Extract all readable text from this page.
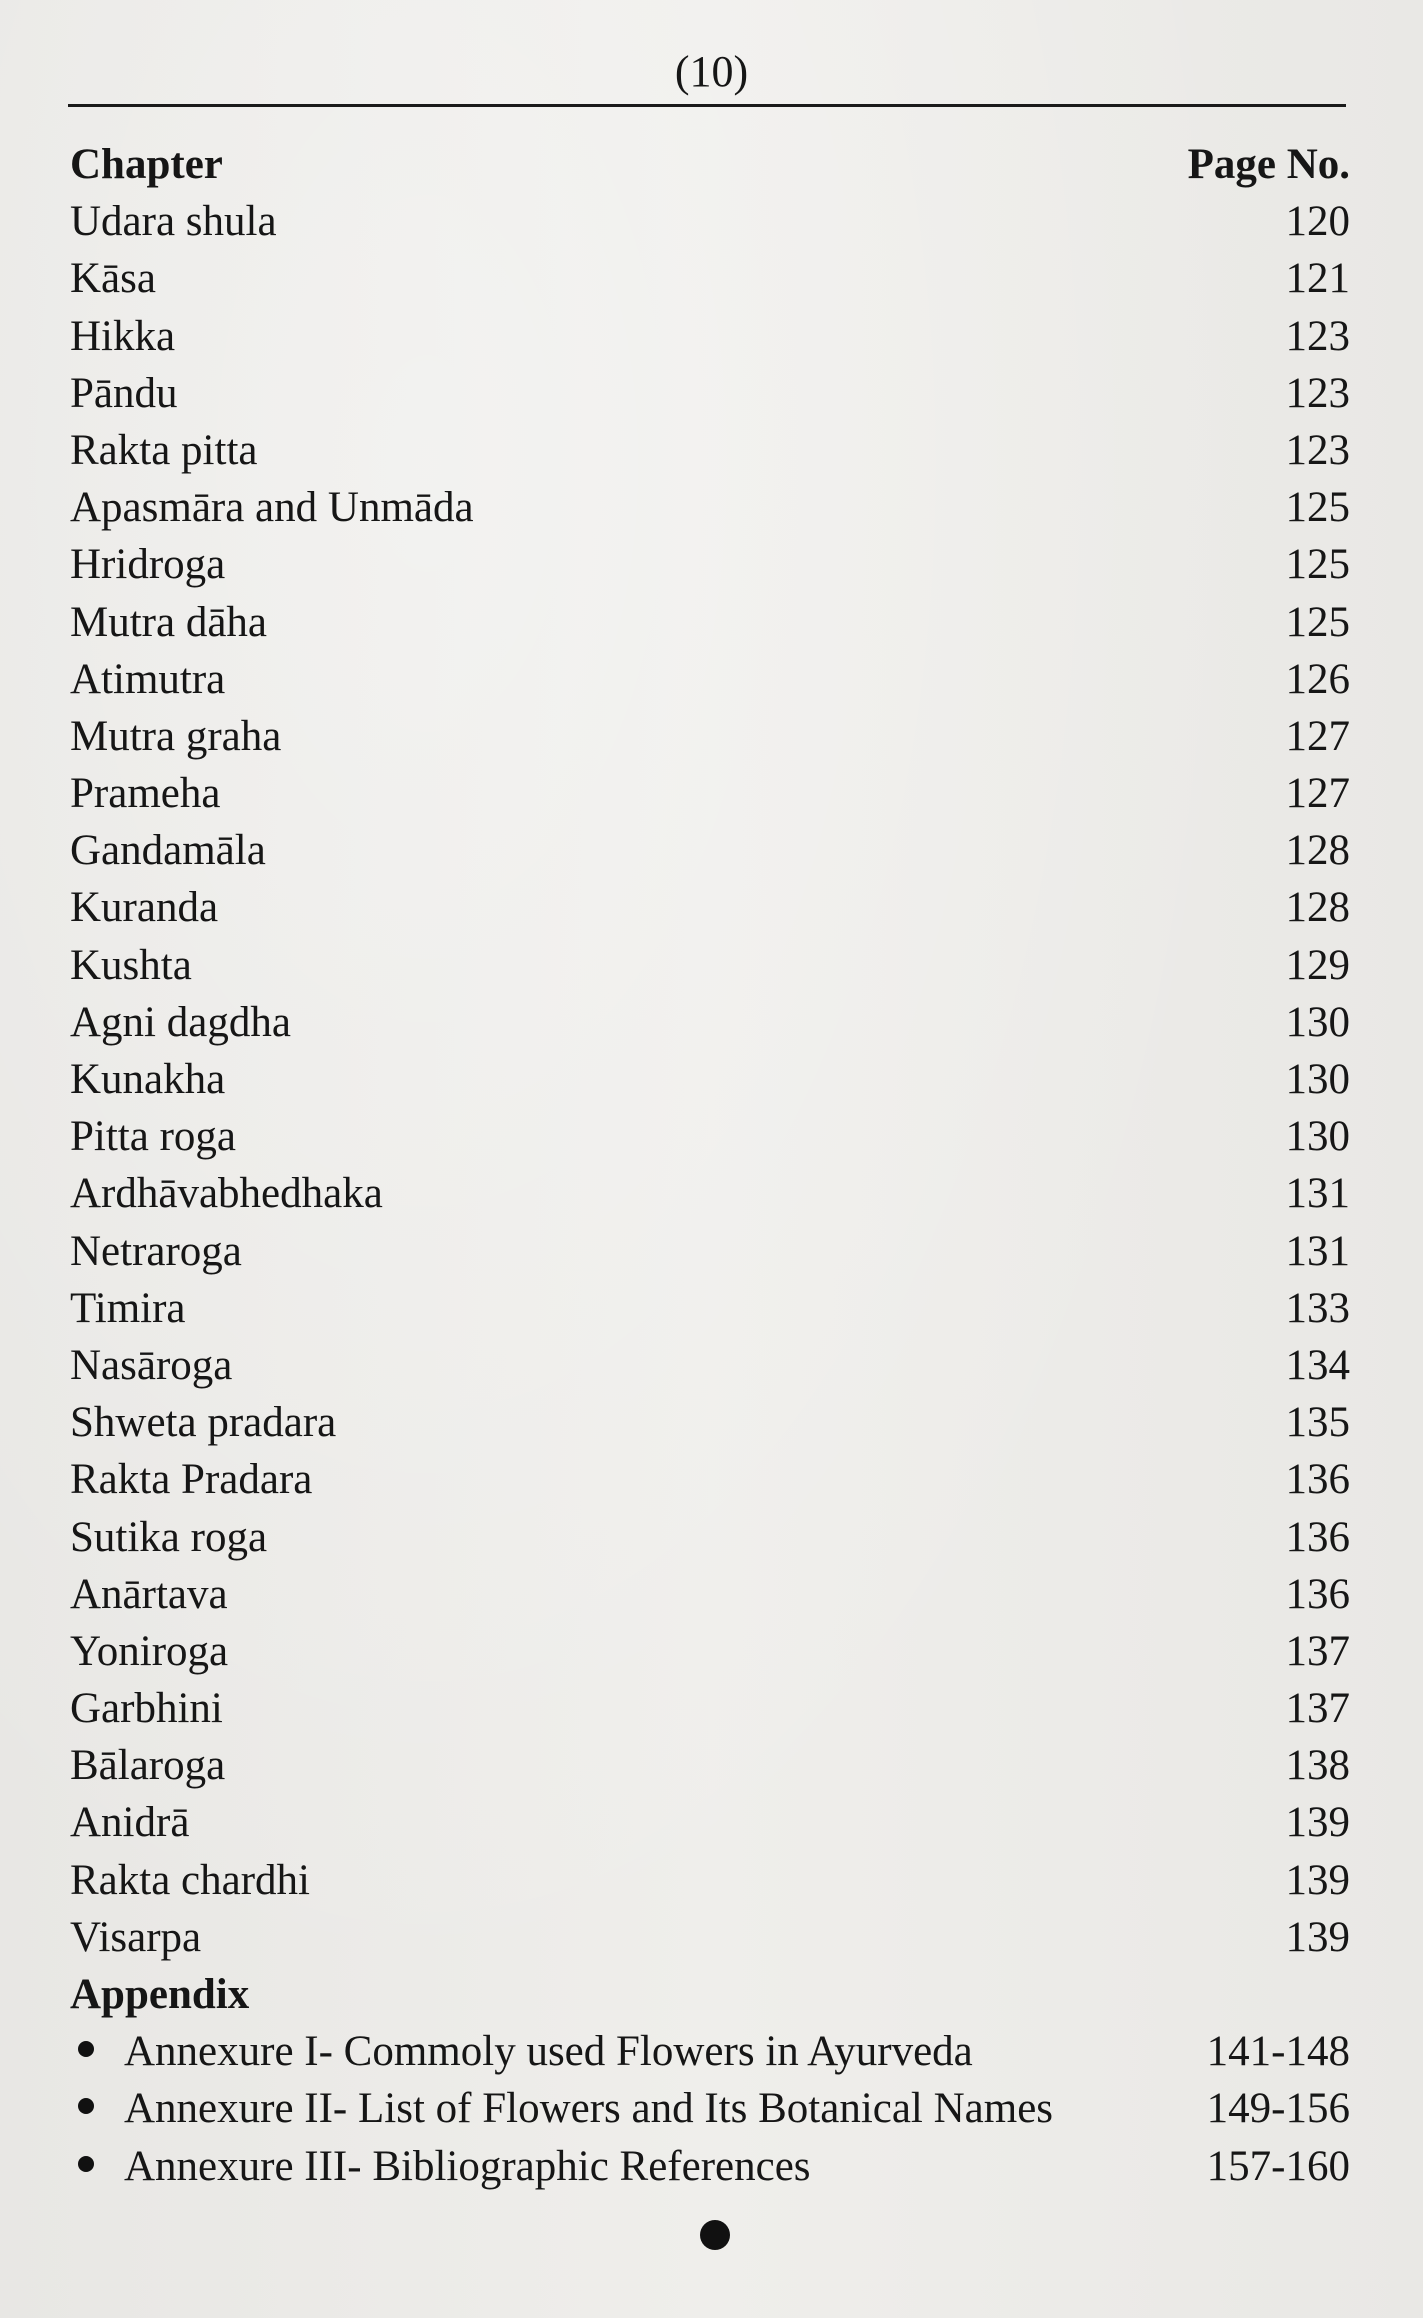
(10)
Chapter	Page No.
Udara shula	120
Kāsa	121
Hikka	123
Pāndu	123
Rakta pitta	123
Apasmāra and Unmāda	125
Hridroga	125
Mutra dāha	125
Atimutra	126
Mutra graha	127
Prameha	127
Gandamāla	128
Kuranda	128
Kushta	129
Agni dagdha	130
Kunakha	130
Pitta roga	130
Ardhāvabhedhaka	131
Netraroga	131
Timira	133
Nasāroga	134
Shweta pradara	135
Rakta Pradara	136
Sutika roga	136
Anārtava	136
Yoniroga	137
Garbhini	137
Bālaroga	138
Anidrā	139
Rakta chardhi	139
Visarpa	139
Appendix
Annexure I- Commoly used Flowers in Ayurveda	141-148
Annexure II- List of Flowers and Its Botanical Names	149-156
Annexure III- Bibliographic References	157-160
